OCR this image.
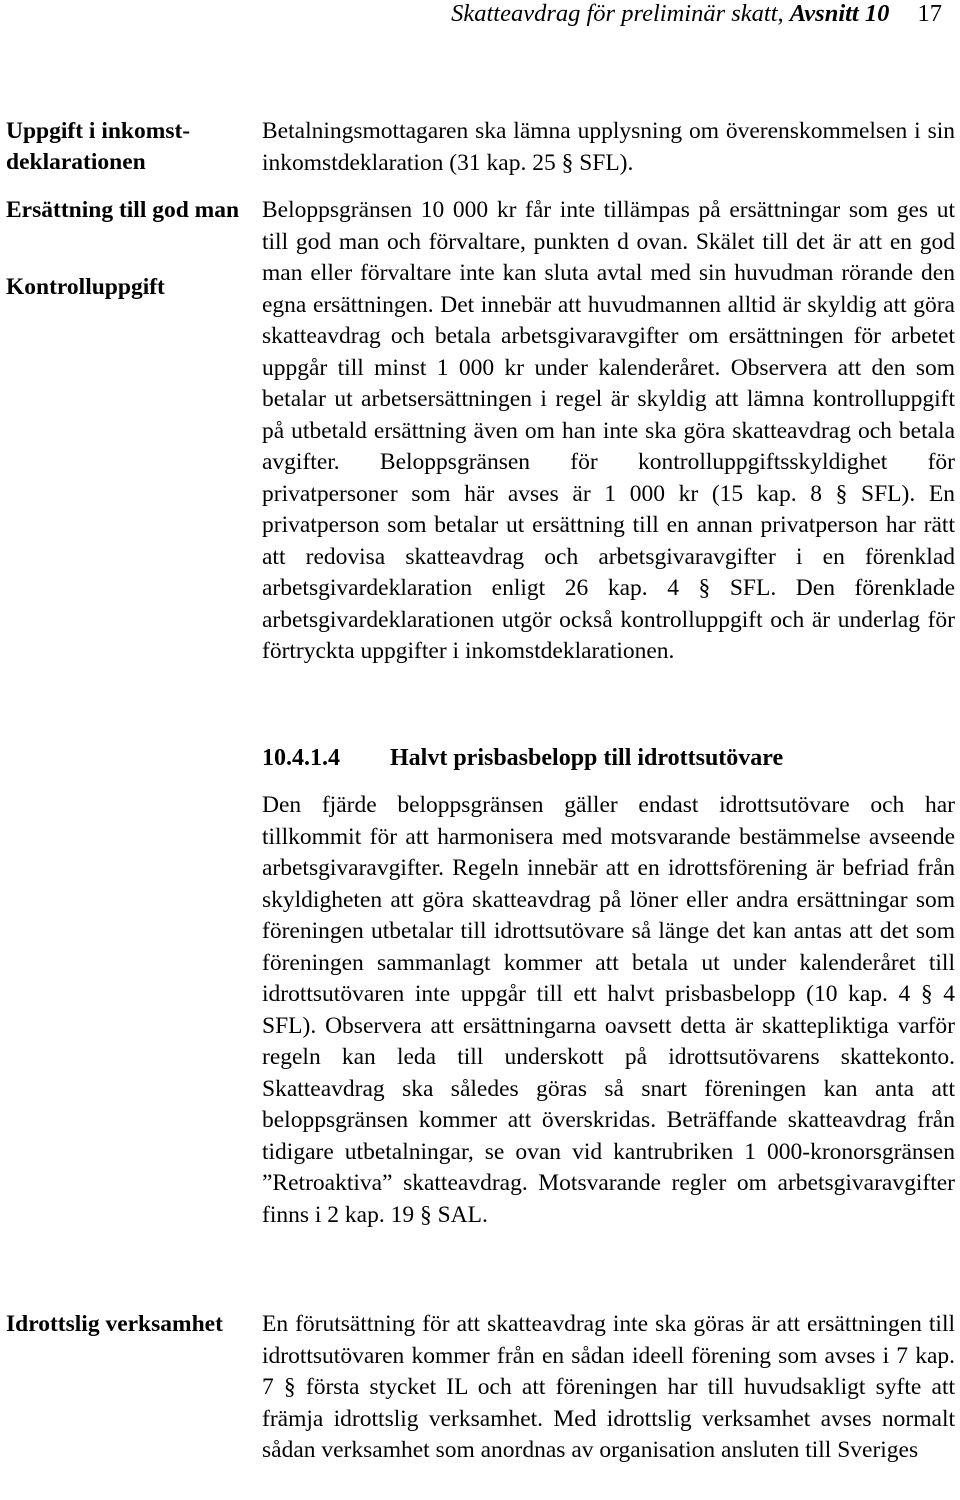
Skatteavdrag för preliminär skatt, Avsnitt 10 17
Uppgift i inkomst-deklarationen
Ersättning till god man
Kontrolluppgift
Idrottslig verksamhet

Betalningsmottagaren ska lämna upplysning om överenskommelsen i sin inkomstdeklaration (31 kap. 25 § SFL).

Beloppsgränsen 10 000 kr får inte tillämpas på ersättningar som ges ut till god man och förvaltare, punkten d ovan. Skälet till det är att en god man eller förvaltare inte kan sluta avtal med sin huvudman rörande den egna ersättningen. Det innebär att huvudmannen alltid är skyldig att göra skatteavdrag och betala arbetsgivaravgifter om ersättningen för arbetet uppgår till minst 1 000 kr under kalenderåret. Observera att den som betalar ut arbetsersättningen i regel är skyldig att lämna kontrolluppgift på utbetald ersättning även om han inte ska göra skatteavdrag och betala avgifter. Beloppsgränsen för kontrolluppgiftsskyldighet för privatpersoner som här avses är 1 000 kr (15 kap. 8 § SFL). En privatperson som betalar ut ersättning till en annan privatperson har rätt att redovisa skatteavdrag och arbetsgivaravgifter i en förenklad arbetsgivardeklaration enligt 26 kap. 4 § SFL. Den förenklade arbetsgivardeklarationen utgör också kontrolluppgift och är underlag för förtryckta uppgifter i inkomstdeklarationen.

10.4.1.4 Halvt prisbasbelopp till idrottsutövare

Den fjärde beloppsgränsen gäller endast idrottsutövare och har tillkommit för att harmonisera med motsvarande bestämmelse avseende arbetsgivaravgifter. Regeln innebär att en idrottsförening är befriad från skyldigheten att göra skatteavdrag på löner eller andra ersättningar som föreningen utbetalar till idrottsutövare så länge det kan antas att det som föreningen sammanlagt kommer att betala ut under kalenderåret till idrottsutövaren inte uppgår till ett halvt prisbasbelopp (10 kap. 4 § 4 SFL). Observera att ersättningarna oavsett detta är skattepliktiga varför regeln kan leda till underskott på idrottsutövarens skattekonto. Skatteavdrag ska således göras så snart föreningen kan anta att beloppsgränsen kommer att överskridas. Beträffande skatteavdrag från tidigare utbetalningar, se ovan vid kantrubriken 1 000-kronorsgränsen ”Retroaktiva” skatteavdrag. Motsvarande regler om arbetsgivaravgifter finns i 2 kap. 19 § SAL.

En förutsättning för att skatteavdrag inte ska göras är att ersättningen till idrottsutövaren kommer från en sådan ideell förening som avses i 7 kap. 7 § första stycket IL och att föreningen har till huvudsakligt syfte att främja idrottslig verksamhet. Med idrottslig verksamhet avses normalt sådan verksamhet som anordnas av organisation ansluten till Sveriges
